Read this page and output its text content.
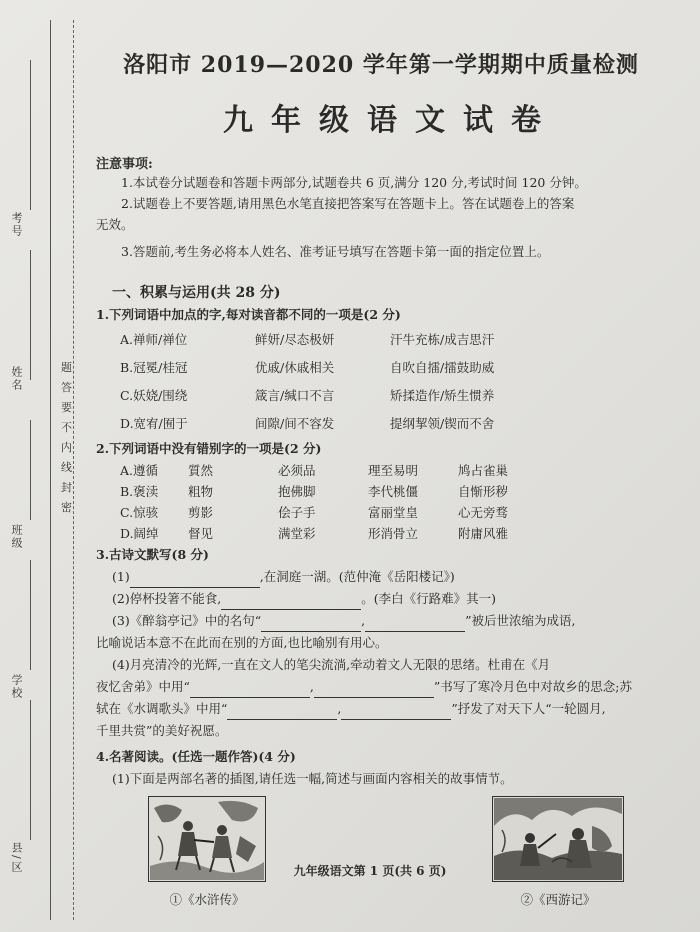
考号
姓名
班级
学校
县/区
题
答
要
不
内
线
封
密
洛阳市 2019—2020 学年第一学期期中质量检测
九年级语文试卷
注意事项:
1.本试卷分试题卷和答题卡两部分,试题卷共 6 页,满分 120 分,考试时间 120 分钟。
2.试题卷上不要答题,请用黑色水笔直接把答案写在答题卡上。答在试题卷上的答案
无效。
3.答题前,考生务必将本人姓名、准考证号填写在答题卡第一面的指定位置上。
一、积累与运用(共 28 分)
1.下列词语中加点的字,每对读音都不同的一项是(2 分)
A.禅师/禅位	鲜妍/尽态极妍	汗牛充栋/成吉思汗
B.冠冕/桂冠	优戚/休戚相关	自吹自擂/擂鼓助威
C.妖娆/围绕	箴言/缄口不言	矫揉造作/矫生惯养
D.宽宥/囿于	间隙/间不容发	提纲挈领/锲而不舍
2.下列词语中没有错别字的一项是(2 分)
A.遵循	質然	必须品	理至易明	鸠占雀巢
B.褒渎	粗物	抱佛脚	李代桃僵	自惭形秽
C.惊骇	剪影	侩子手	富丽堂皇	心无旁骛
D.阔绰	督见	满堂彩	形消骨立	附庸风雅
3.古诗文默写(8 分)
(1)	,在洞庭一湖。(范仲淹《岳阳楼记》)
(2)停杯投箸不能食,	。(李白《行路难》其一)
(3)《醉翁亭记》中的名句“	,	”被后世浓缩为成语,
比喻说话本意不在此而在别的方面,也比喻别有用心。
(4)月亮清冷的光辉,一直在文人的笔尖流淌,牵动着文人无限的思绪。杜甫在《月
夜忆舍弟》中用“	,	”书写了寒冷月色中对故乡的思念;苏
轼在《水调歌头》中用“	,	”抒发了对天下人“一轮圆月,
千里共赏”的美好祝愿。
4.名著阅读。(任选一题作答)(4 分)
(1)下面是两部名著的插图,请任选一幅,简述与画面内容相关的故事情节。
①《水浒传》	②《西游记》
九年级语文第 1 页(共 6 页)
